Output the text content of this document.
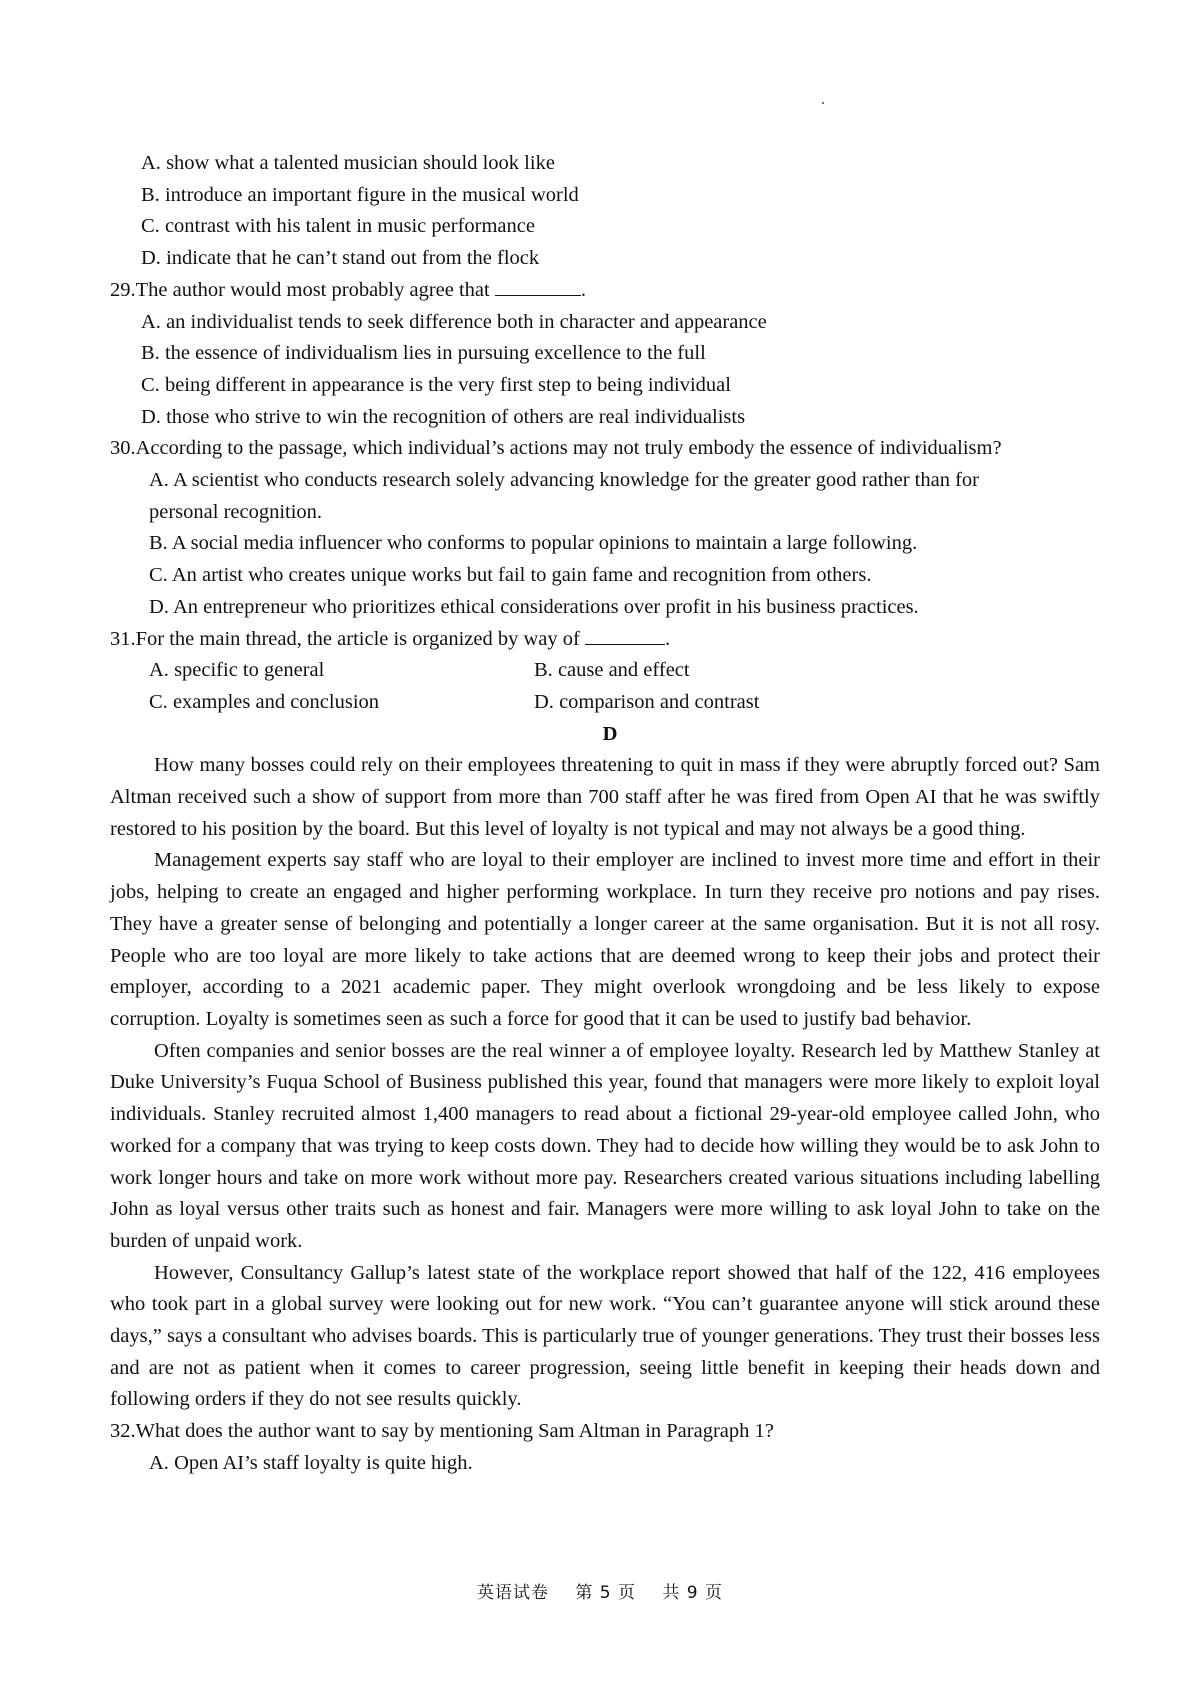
A. show what a talented musician should look like
B. introduce an important figure in the musical world
C. contrast with his talent in music performance
D. indicate that he can’t stand out from the flock
29.The author would most probably agree that	.
A. an individualist tends to seek difference both in character and appearance
B. the essence of individualism lies in pursuing excellence to the full
C. being different in appearance is the very first step to being individual
D. those who strive to win the recognition of others are real individualists
30.According to the passage, which individual’s actions may not truly embody the essence of individualism?
A. A scientist who conducts research solely advancing knowledge for the greater good rather than for
personal recognition.
B. A social media influencer who conforms to popular opinions to maintain a large following.
C. An artist who creates unique works but fail to gain fame and recognition from others.
D. An entrepreneur who prioritizes ethical considerations over profit in his business practices.
31.For the main thread, the article is organized by way of	.
A. specific to general	B. cause and effect
C. examples and conclusion	D. comparison and contrast
D
How many bosses could rely on their employees threatening to quit in mass if they were abruptly forced out? Sam Altman received such a show of support from more than 700 staff after he was fired from Open AI that he was swiftly restored to his position by the board. But this level of loyalty is not typical and may not always be a good thing.
Management experts say staff who are loyal to their employer are inclined to invest more time and effort in their jobs, helping to create an engaged and higher performing workplace. In turn they receive pro notions and pay rises. They have a greater sense of belonging and potentially a longer career at the same organisation. But it is not all rosy. People who are too loyal are more likely to take actions that are deemed wrong to keep their jobs and protect their employer, according to a 2021 academic paper. They might overlook wrongdoing and be less likely to expose corruption. Loyalty is sometimes seen as such a force for good that it can be used to justify bad behavior.
Often companies and senior bosses are the real winner a of employee loyalty. Research led by Matthew Stanley at Duke University’s Fuqua School of Business published this year, found that managers were more likely to exploit loyal individuals. Stanley recruited almost 1,400 managers to read about a fictional 29-year-old employee called John, who worked for a company that was trying to keep costs down. They had to decide how willing they would be to ask John to work longer hours and take on more work without more pay. Researchers created various situations including labelling John as loyal versus other traits such as honest and fair. Managers were more willing to ask loyal John to take on the burden of unpaid work.
However, Consultancy Gallup’s latest state of the workplace report showed that half of the 122, 416 employees who took part in a global survey were looking out for new work. “You can’t guarantee anyone will stick around these days,” says a consultant who advises boards. This is particularly true of younger generations. They trust their bosses less and are not as patient when it comes to career progression, seeing little benefit in keeping their heads down and following orders if they do not see results quickly.
32.What does the author want to say by mentioning Sam Altman in Paragraph 1?
A. Open AI’s staff loyalty is quite high.
英语试卷 第 5 页 共 9 页
